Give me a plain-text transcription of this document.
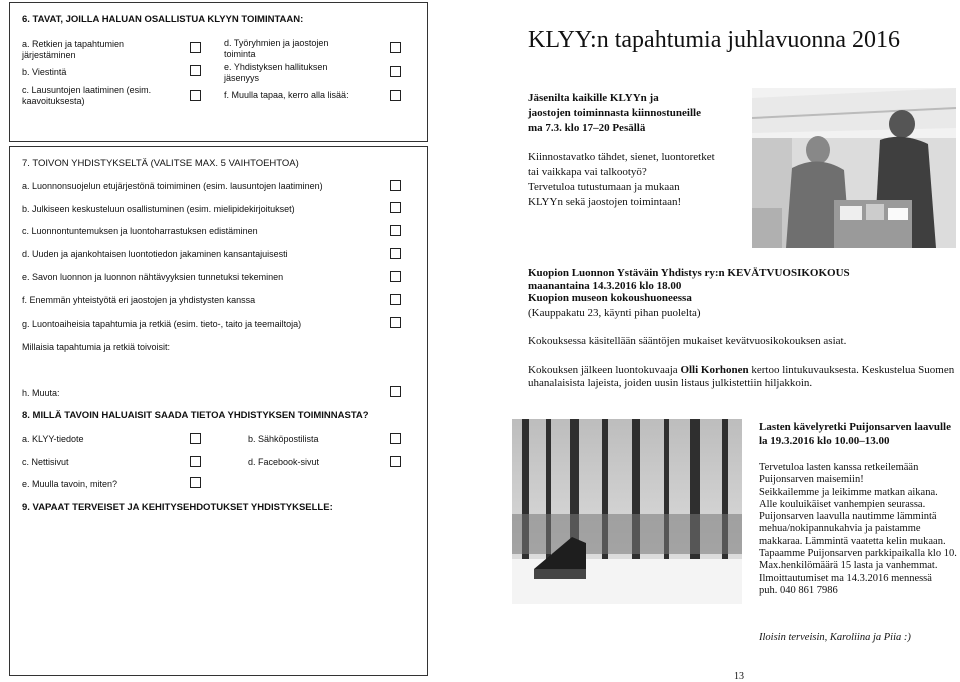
6. TAVAT, JOILLA HALUAN OSALLISTUA KLYYN TOIMINTAAN:
a. Retkien ja tapahtumien järjestäminen
b. Viestintä
c. Lausuntojen laatiminen (esim. kaavoituksesta)
d. Työryhmien ja jaostojen toiminta
e. Yhdistyksen hallituksen jäsenyys
f. Muulla tapaa, kerro alla lisää:
7. TOIVON YHDISTYKSELTÄ (VALITSE MAX. 5 VAIHTOEHTOA)
a. Luonnonsuojelun etujärjestönä toimiminen (esim. lausuntojen laatiminen)
b. Julkiseen keskusteluun osallistuminen (esim. mielipidekirjoitukset)
c. Luonnontuntemuksen ja luontoharrastuksen edistäminen
d. Uuden ja ajankohtaisen luontotiedon jakaminen kansantajuisesti
e. Savon luonnon ja luonnon nähtävyyksien tunnetuksi tekeminen
f. Enemmän yhteistyötä eri jaostojen ja yhdistysten kanssa
g. Luontoaiheisia tapahtumia ja retkiä (esim. tieto-, taito ja teemailtoja)
Millaisia tapahtumia ja retkiä toivoisit:
h. Muuta:
8. MILLÄ TAVOIN HALUAISIT SAADA TIETOA YHDISTYKSEN TOIMINNASTA?
a. KLYY-tiedote	b. Sähköpostilista
c. Nettisivut	d. Facebook-sivut
e. Muulla tavoin, miten?
9. VAPAAT TERVEISET JA KEHITYSEHDOTUKSET YHDISTYKSELLE:
KLYY:n tapahtumia juhlavuonna 2016
Jäsenilta kaikille KLYYn ja
jaostojen toiminnasta kiinnostuneille
ma 7.3. klo 17–20 Pesällä
Kiinnostavatko tähdet, sienet, luontoretket
tai vaikkapa vai talkootyö?
Tervetuloa tutustumaan ja mukaan
KLYYn sekä jaostojen toimintaan!
Kuopion Luonnon Ystäväin Yhdistys ry:n KEVÄTVUOSIKOKOUS
maanantaina 14.3.2016 klo 18.00
Kuopion museon kokoushuoneessa
(Kauppakatu 23, käynti pihan puolelta)
Kokouksessa käsitellään sääntöjen mukaiset kevätvuosikokouksen asiat.
Kokouksen jälkeen luontokuvaaja Olli Korhonen kertoo lintukuvauksesta. Keskustelua Suomen uhanalaisista lajeista, joiden uusin listaus julkistettiin hiljakkoin.
Lasten kävelyretki Puijonsarven laavulle
la 19.3.2016 klo 10.00–13.00
Tervetuloa lasten kanssa retkeilemään
Puijonsarven maisemiin!
Seikkailemme ja leikimme matkan aikana.
Alle kouluikäiset vanhempien seurassa.
Puijonsarven laavulla nautimme lämmintä
mehua/nokipannukahvia ja paistamme
makkaraa. Lämmintä vaatetta kelin mukaan.
Tapaamme Puijonsarven parkkipaikalla klo 10.
Max.henkilömäärä 15 lasta ja vanhemmat.
Ilmoittautumiset ma 14.3.2016 mennessä
puh. 040 861 7986
Iloisin terveisin, Karoliina ja Piia :)
13
